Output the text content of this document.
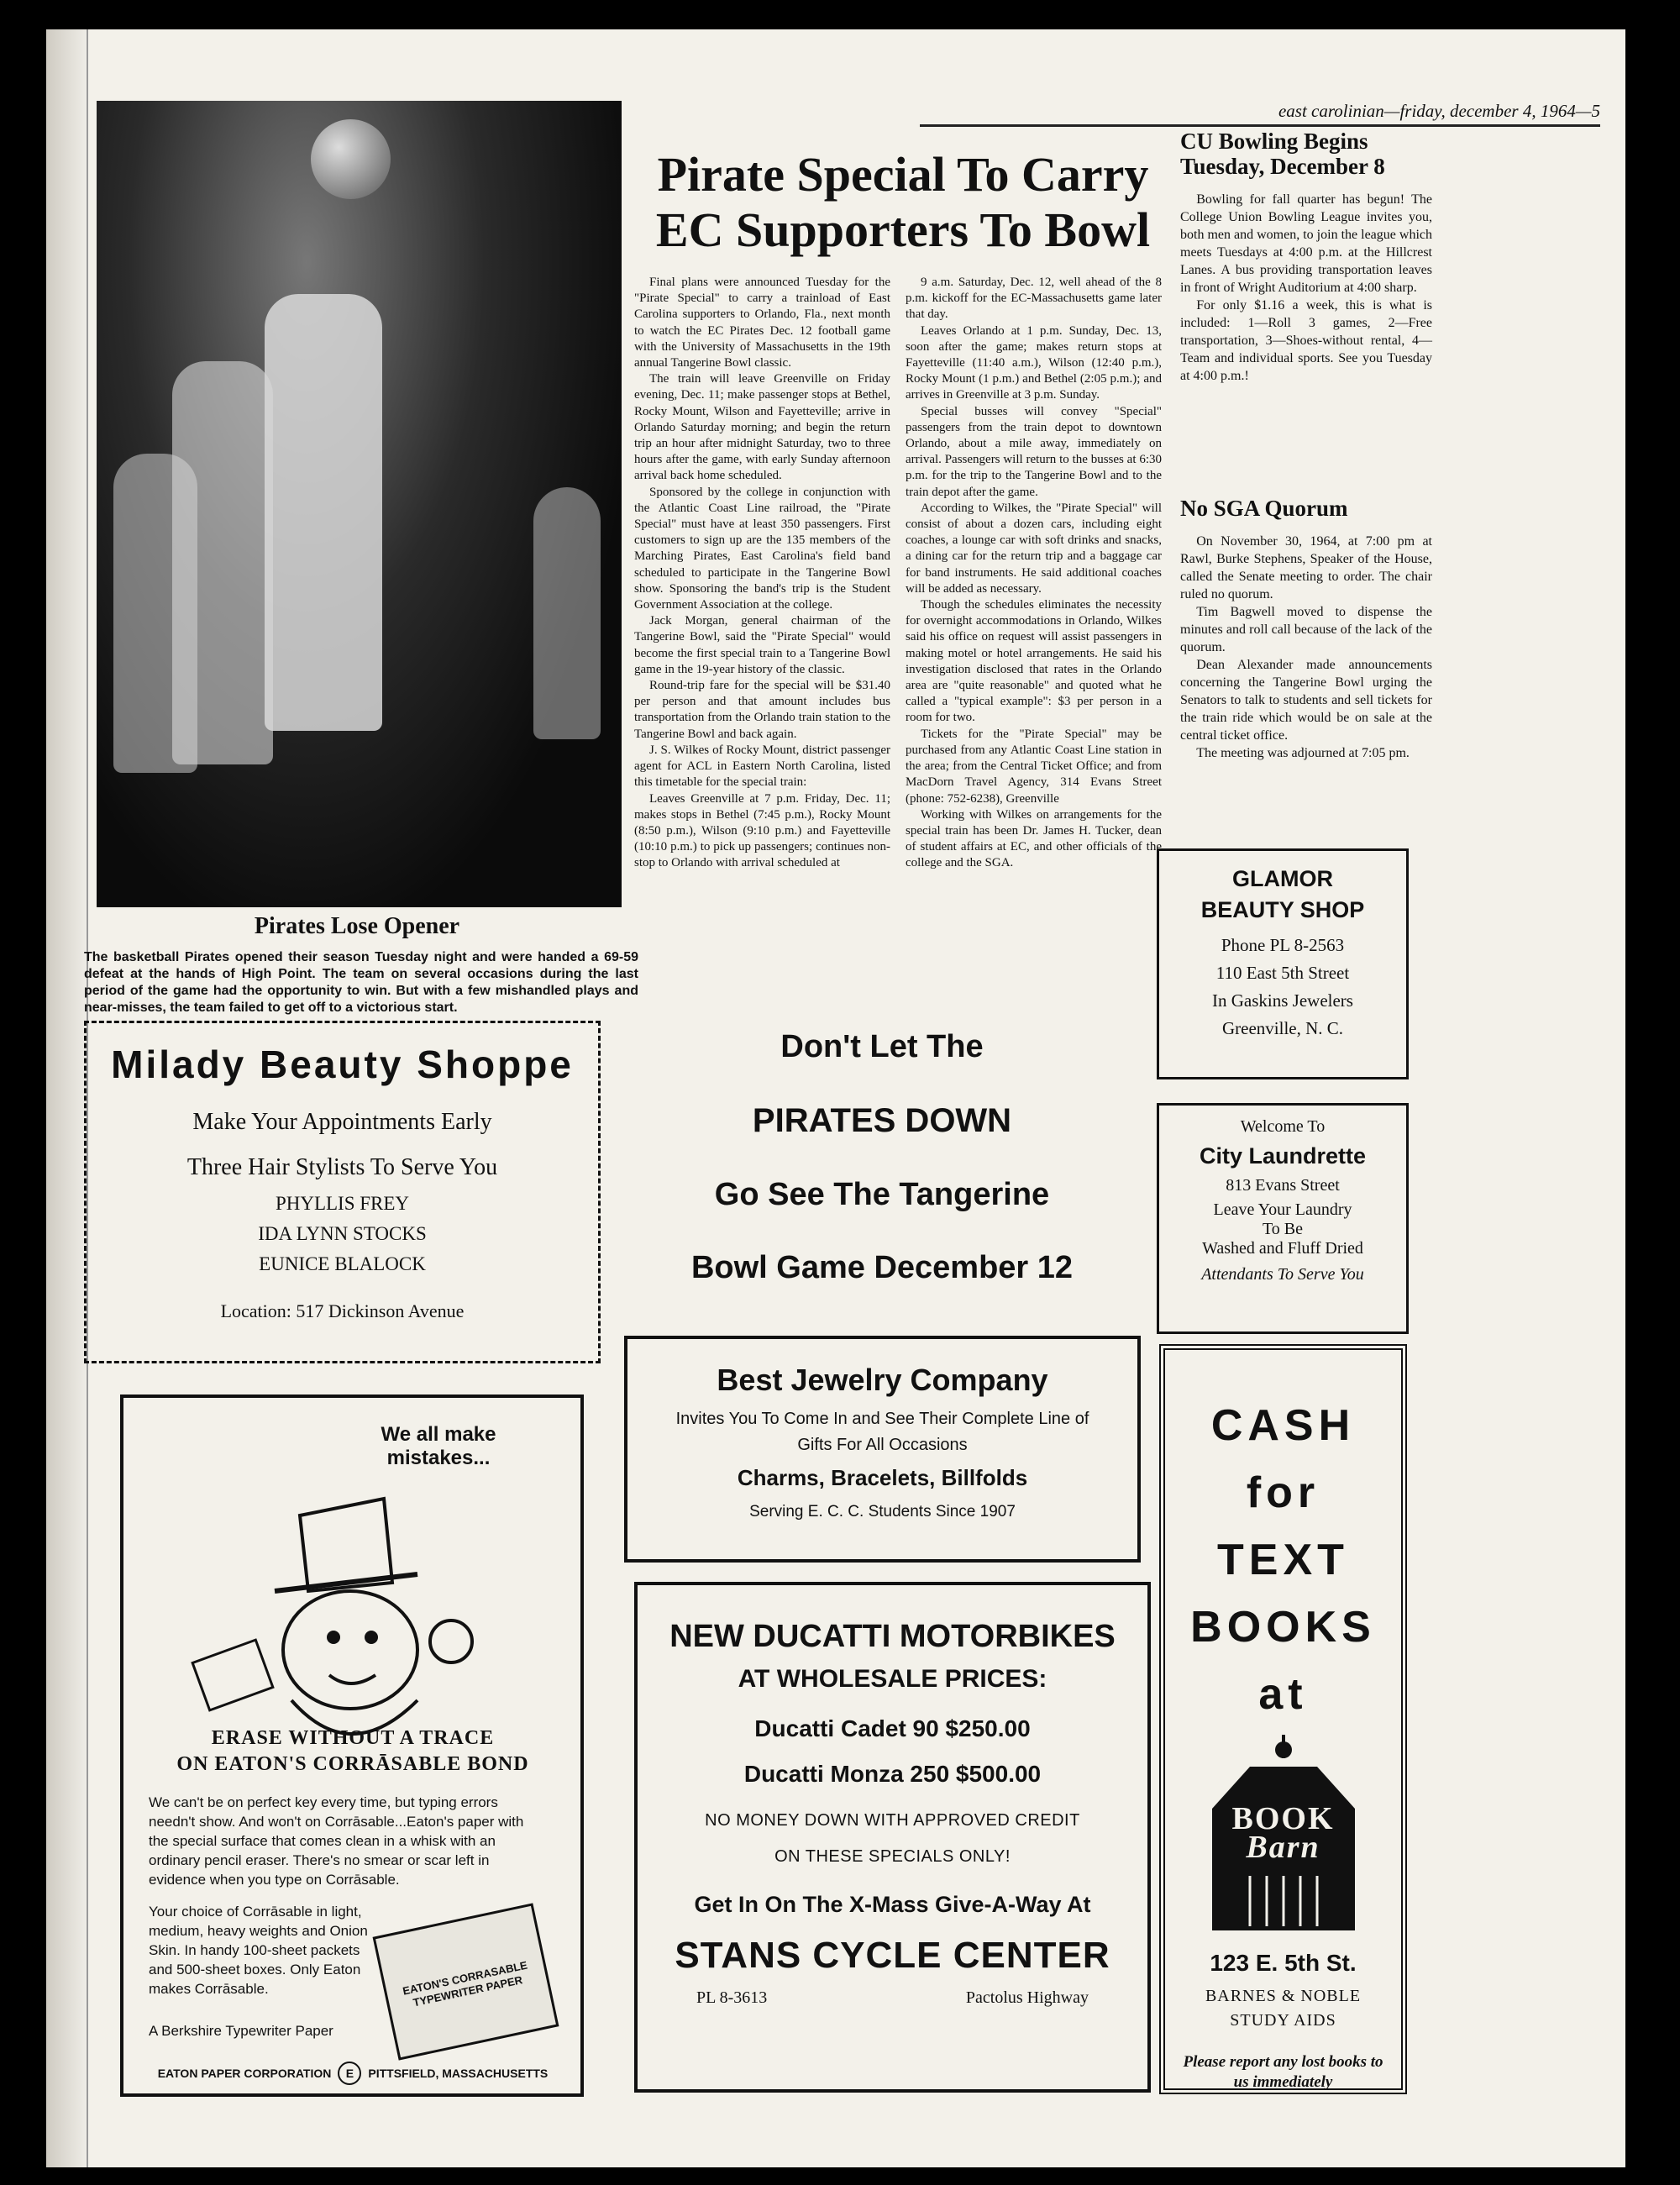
Pirates Lose Opener
The basketball Pirates opened their season Tuesday night and were handed a 69-59 defeat at the hands of High Point. The team on several occasions during the last period of the game had the opportunity to win. But with a few mishandled plays and near-misses, the team failed to get off to a victorious start.
east carolinian—friday, december 4, 1964—5
Pirate Special To Carry
EC Supporters To Bowl

Final plans were announced Tuesday for the "Pirate Special" to carry a trainload of East Carolina supporters to Orlando, Fla., next month to watch the EC Pirates Dec. 12 football game with the University of Massachusetts in the 19th annual Tangerine Bowl classic.

The train will leave Greenville on Friday evening, Dec. 11; make passenger stops at Bethel, Rocky Mount, Wilson and Fayetteville; arrive in Orlando Saturday morning; and begin the return trip an hour after midnight Saturday, two to three hours after the game, with early Sunday afternoon arrival back home scheduled.

Sponsored by the college in conjunction with the Atlantic Coast Line railroad, the "Pirate Special" must have at least 350 passengers. First customers to sign up are the 135 members of the Marching Pirates, East Carolina's field band scheduled to participate in the Tangerine Bowl show. Sponsoring the band's trip is the Student Government Association at the college.

Jack Morgan, general chairman of the Tangerine Bowl, said the "Pirate Special" would become the first special train to a Tangerine Bowl game in the 19-year history of the classic.

Round-trip fare for the special will be $31.40 per person and that amount includes bus transportation from the Orlando train station to the Tangerine Bowl and back again.

J. S. Wilkes of Rocky Mount, district passenger agent for ACL in Eastern North Carolina, listed this timetable for the special train:

Leaves Greenville at 7 p.m. Friday, Dec. 11; makes stops in Bethel (7:45 p.m.), Rocky Mount (8:50 p.m.), Wilson (9:10 p.m.) and Fayetteville (10:10 p.m.) to pick up passengers; continues non-stop to Orlando with arrival scheduled at

9 a.m. Saturday, Dec. 12, well ahead of the 8 p.m. kickoff for the EC-Massachusetts game later that day.

Leaves Orlando at 1 p.m. Sunday, Dec. 13, soon after the game; makes return stops at Fayetteville (11:40 a.m.), Wilson (12:40 p.m.), Rocky Mount (1 p.m.) and Bethel (2:05 p.m.); and arrives in Greenville at 3 p.m. Sunday.

Special busses will convey "Special" passengers from the train depot to downtown Orlando, about a mile away, immediately on arrival. Passengers will return to the busses at 6:30 p.m. for the trip to the Tangerine Bowl and to the train depot after the game.

According to Wilkes, the "Pirate Special" will consist of about a dozen cars, including eight coaches, a lounge car with soft drinks and snacks, a dining car for the return trip and a baggage car for band instruments. He said additional coaches will be added as necessary.

Though the schedules eliminates the necessity for overnight accommodations in Orlando, Wilkes said his office on request will assist passengers in making motel or hotel arrangements. He said his investigation disclosed that rates in the Orlando area are "quite reasonable" and quoted what he called a "typical example": $3 per person in a room for two.

Tickets for the "Pirate Special" may be purchased from any Atlantic Coast Line station in the area; from the Central Ticket Office; and from MacDorn Travel Agency, 314 Evans Street (phone: 752-6238), Greenville

Working with Wilkes on arrangements for the special train has been Dr. James H. Tucker, dean of student affairs at EC, and other officials of the college and the SGA.

CU Bowling Begins Tuesday, December 8

Bowling for fall quarter has begun! The College Union Bowling League invites you, both men and women, to join the league which meets Tuesdays at 4:00 p.m. at the Hillcrest Lanes. A bus providing transportation leaves in front of Wright Auditorium at 4:00 sharp.

For only $1.16 a week, this is what is included: 1—Roll 3 games, 2—Free transportation, 3—Shoes-without rental, 4—Team and individual sports. See you Tuesday at 4:00 p.m.!

No SGA Quorum

On November 30, 1964, at 7:00 pm at Rawl, Burke Stephens, Speaker of the House, called the Senate meeting to order. The chair ruled no quorum.

Tim Bagwell moved to dispense the minutes and roll call because of the lack of the quorum.

Dean Alexander made announcements concerning the Tangerine Bowl urging the Senators to talk to students and sell tickets for the train ride which would be on sale at the central ticket office.

The meeting was adjourned at 7:05 pm.

GLAMOR
BEAUTY SHOP
Phone PL 8-2563
110 East 5th Street
In Gaskins Jewelers
Greenville, N. C.
Welcome To
City Laundrette
813 Evans Street
Leave Your Laundry
To Be
Washed and Fluff Dried
Attendants To Serve You
Milady Beauty Shoppe
Make Your Appointments Early
Three Hair Stylists To Serve You
PHYLLIS FREY
IDA LYNN STOCKS
EUNICE BLALOCK
Location: 517 Dickinson Avenue
Don't Let The
PIRATES DOWN
Go See The Tangerine
Bowl Game December 12
Best Jewelry Company
Invites You To Come In and See Their Complete Line of
Gifts For All Occasions
Charms, Bracelets, Billfolds
Serving E. C. C. Students Since 1907
We all make mistakes...
ERASE WITHOUT A TRACE
ON EATON'S CORRĀSABLE BOND
We can't be on perfect key every time, but typing errors needn't show. And won't on Corrāsable...Eaton's paper with the special surface that comes clean in a whisk with an ordinary pencil eraser. There's no smear or scar left in evidence when you type on Corrāsable.
Your choice of Corrāsable in light, medium, heavy weights and Onion Skin. In handy 100-sheet packets and 500-sheet boxes. Only Eaton makes Corrāsable.	EATON'S CORRASABLE TYPEWRITER PAPER
A Berkshire Typewriter Paper
EATON PAPER CORPORATION	E	PITTSFIELD, MASSACHUSETTS
NEW DUCATTI MOTORBIKES
AT WHOLESALE PRICES:
Ducatti Cadet 90 $250.00
Ducatti Monza 250 $500.00
NO MONEY DOWN WITH APPROVED CREDIT
ON THESE SPECIALS ONLY!
Get In On The X-Mass Give-A-Way At
STANS CYCLE CENTER
PL 8-3613	Pactolus Highway
CASH
for
TEXT
BOOKS
at
BOOK
Barn
123 E. 5th St.
BARNES & NOBLE
STUDY AIDS
Please report any lost books to us immediately
